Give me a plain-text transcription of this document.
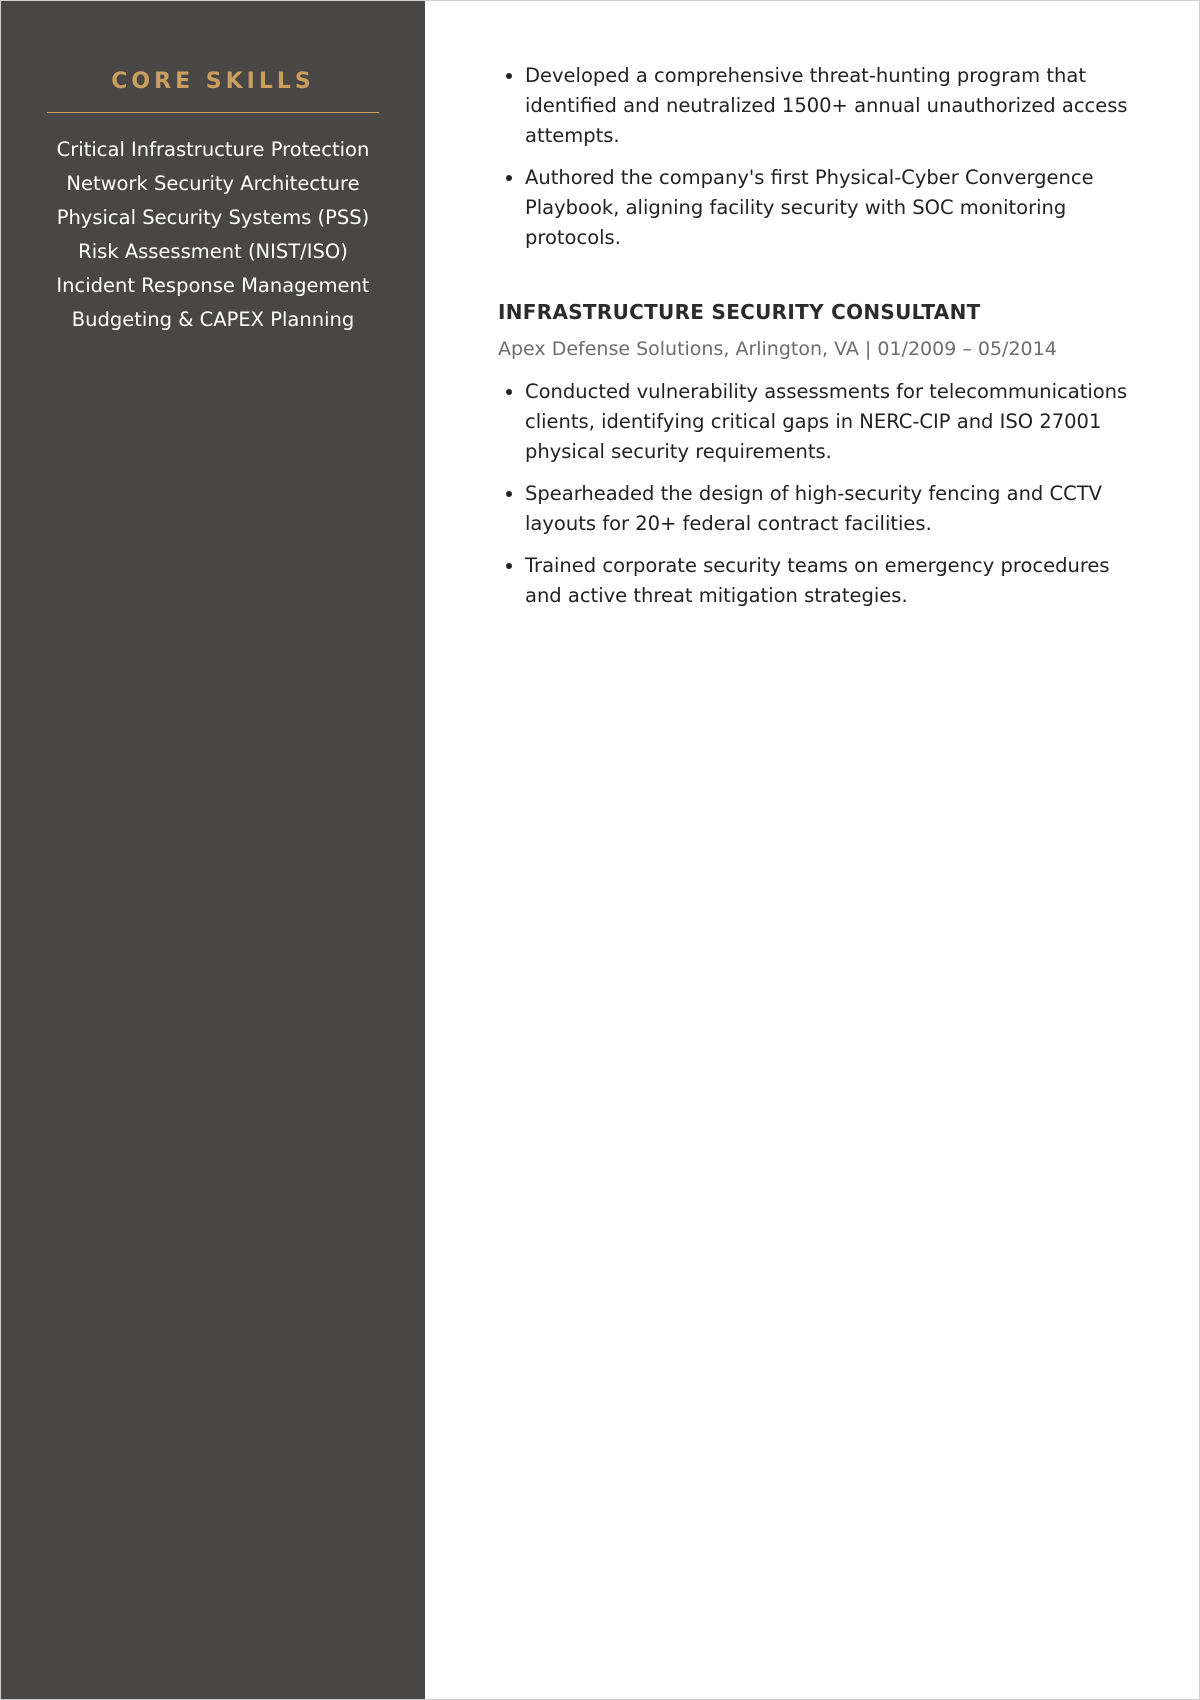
CORE SKILLS
Critical Infrastructure Protection
Network Security Architecture
Physical Security Systems (PSS)
Risk Assessment (NIST/ISO)
Incident Response Management
Budgeting & CAPEX Planning
• Developed a comprehensive threat-hunting program that identified and neutralized 1500+ annual unauthorized access attempts.
• Authored the company's first Physical-Cyber Convergence Playbook, aligning facility security with SOC monitoring protocols.
INFRASTRUCTURE SECURITY CONSULTANT
Apex Defense Solutions, Arlington, VA | 01/2009 – 05/2014
• Conducted vulnerability assessments for telecommunications clients, identifying critical gaps in NERC-CIP and ISO 27001 physical security requirements.
• Spearheaded the design of high-security fencing and CCTV layouts for 20+ federal contract facilities.
• Trained corporate security teams on emergency procedures and active threat mitigation strategies.
